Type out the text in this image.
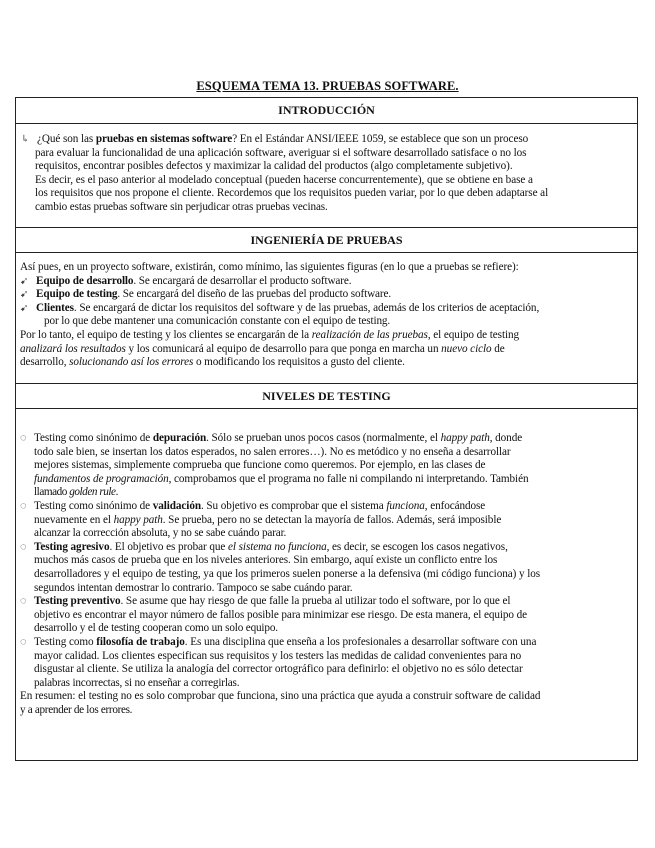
ESQUEMA TEMA 13. PRUEBAS SOFTWARE.
INTRODUCCIÓN
↳ ¿Qué son las pruebas en sistemas software? En el Estándar ANSI/IEEE 1059, se establece que son un proceso
para evaluar la funcionalidad de una aplicación software, averiguar si el software desarrollado satisface o no los
requisitos, encontrar posibles defectos y maximizar la calidad del productos (algo completamente subjetivo).
Es decir, es el paso anterior al modelado conceptual (pueden hacerse concurrentemente), que se obtiene en base a
los requisitos que nos propone el cliente. Recordemos que los requisitos pueden variar, por lo que deben adaptarse al
cambio estas pruebas software sin perjudicar otras pruebas vecinas.
INGENIERÍA DE PRUEBAS
Así pues, en un proyecto software, existirán, como mínimo, las siguientes figuras (en lo que a pruebas se refiere):
➹ Equipo de desarrollo. Se encargará de desarrollar el producto software.
➹ Equipo de testing. Se encargará del diseño de las pruebas del producto software.
➹ Clientes. Se encargará de dictar los requisitos del software y de las pruebas, además de los criterios de aceptación,
por lo que debe mantener una comunicación constante con el equipo de testing.
Por lo tanto, el equipo de testing y los clientes se encargarán de la realización de las pruebas, el equipo de testing
analizará los resultados y los comunicará al equipo de desarrollo para que ponga en marcha un nuevo ciclo de
desarrollo, solucionando así los errores o modificando los requisitos a gusto del cliente.
NIVELES DE TESTING
◌ Testing como sinónimo de depuración. Sólo se prueban unos pocos casos (normalmente, el happy path, donde
todo sale bien, se insertan los datos esperados, no salen errores…). No es metódico y no enseña a desarrollar
mejores sistemas, simplemente comprueba que funcione como queremos. Por ejemplo, en las clases de
fundamentos de programación, comprobamos que el programa no falle ni compilando ni interpretando. También
llamado golden rule.
◌ Testing como sinónimo de validación. Su objetivo es comprobar que el sistema funciona, enfocándose
nuevamente en el happy path. Se prueba, pero no se detectan la mayoría de fallos. Además, será imposible
alcanzar la corrección absoluta, y no se sabe cuándo parar.
◌ Testing agresivo. El objetivo es probar que el sistema no funciona, es decir, se escogen los casos negativos,
muchos más casos de prueba que en los niveles anteriores. Sin embargo, aquí existe un conflicto entre los
desarrolladores y el equipo de testing, ya que los primeros suelen ponerse a la defensiva (mi código funciona) y los
segundos intentan demostrar lo contrario. Tampoco se sabe cuándo parar.
◌ Testing preventivo. Se asume que hay riesgo de que falle la prueba al utilizar todo el software, por lo que el
objetivo es encontrar el mayor número de fallos posible para minimizar ese riesgo. De esta manera, el equipo de
desarrollo y el de testing cooperan como un solo equipo.
◌ Testing como filosofía de trabajo. Es una disciplina que enseña a los profesionales a desarrollar software con una
mayor calidad. Los clientes especifican sus requisitos y los testers las medidas de calidad convenientes para no
disgustar al cliente. Se utiliza la analogía del corrector ortográfico para definirlo: el objetivo no es sólo detectar
palabras incorrectas, si no enseñar a corregirlas.
En resumen: el testing no es solo comprobar que funciona, sino una práctica que ayuda a construir software de calidad
y a aprender de los errores.
